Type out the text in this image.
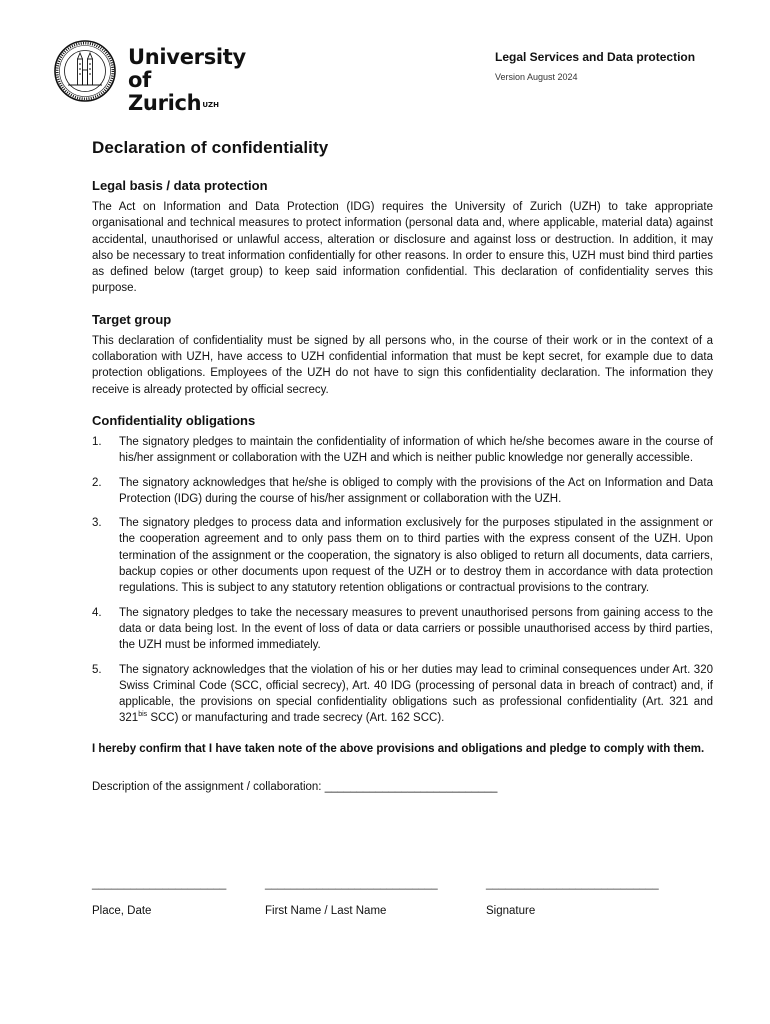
University of
Zurich$^{UZH}$
Legal Services and Data protection
Version August 2024
Declaration of confidentiality
Legal basis / data protection

The Act on Information and Data Protection (IDG) requires the University of Zurich (UZH) to take appropriate organisational and technical measures to protect information (personal data and, where applicable, material data) against accidental, unauthorised or unlawful access, alteration or disclosure and against loss or destruction. In addition, it may also be necessary to treat information confidentially for other reasons. In order to ensure this, UZH must bind third parties as defined below (target group) to keep said information confidential. This declaration of confidentiality serves this purpose.

Target group

This declaration of confidentiality must be signed by all persons who, in the course of their work or in the context of a collaboration with UZH, have access to UZH confidential information that must be kept secret, for example due to data protection obligations. Employees of the UZH do not have to sign this confidentiality declaration. The information they receive is already protected by official secrecy.

Confidentiality obligations
1. The signatory pledges to maintain the confidentiality of information of which he/she becomes aware in the course of his/her assignment or collaboration with the UZH and which is neither public knowledge nor generally accessible.
2. The signatory acknowledges that he/she is obliged to comply with the provisions of the Act on Information and Data Protection (IDG) during the course of his/her assignment or collaboration with the UZH.
3. The signatory pledges to process data and information exclusively for the purposes stipulated in the assignment or the cooperation agreement and to only pass them on to third parties with the express consent of the UZH. Upon termination of the assignment or the cooperation, the signatory is also obliged to return all documents, data carriers, backup copies or other documents upon request of the UZH or to destroy them in accordance with data protection regulations. This is subject to any statutory retention obligations or contractual provisions to the contrary.
4. The signatory pledges to take the necessary measures to prevent unauthorised persons from gaining access to the data or data being lost. In the event of loss of data or data carriers or possible unauthorised access by third parties, the UZH must be informed immediately.
5. The signatory acknowledges that the violation of his or her duties may lead to criminal consequences under Art. 320 Swiss Criminal Code (SCC, official secrecy), Art. 40 IDG (processing of personal data in breach of contract) and, if applicable, the provisions on special confidentiality obligations such as professional confidentiality (Art. 321 and $321^{bis}$ SCC) or manufacturing and trade secrecy (Art. 162 SCC).
I hereby confirm that I have taken note of the above provisions and obligations and pledge to comply with them.
Description of the assignment / collaboration: ___________________________
_____________________	___________________________	___________________________
Place, Date	First Name / Last Name	Signature
